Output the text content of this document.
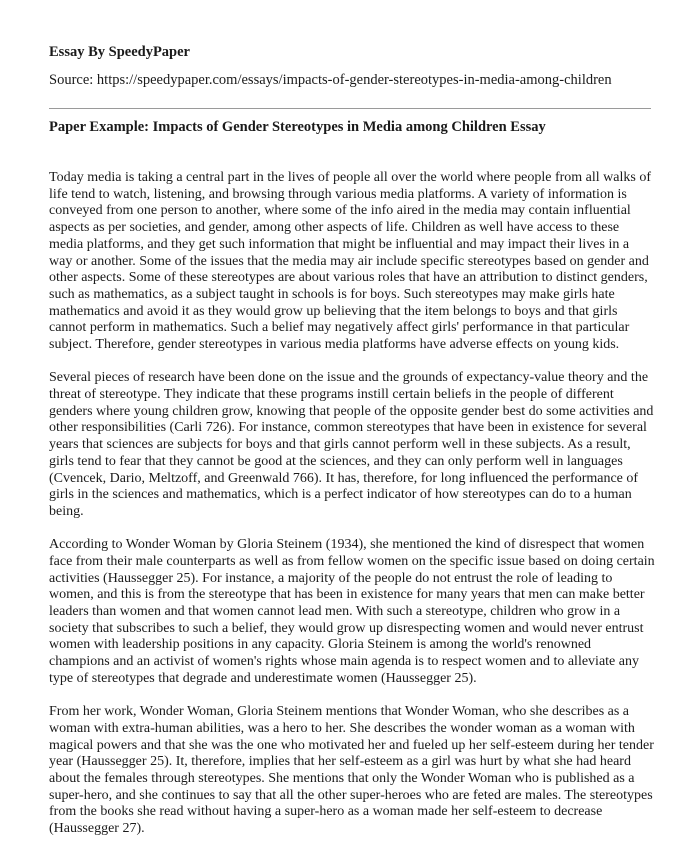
Essay By SpeedyPaper

Source: https://speedypaper.com/essays/impacts-of-gender-stereotypes-in-media-among-children

Paper Example: Impacts of Gender Stereotypes in Media among Children Essay

Today media is taking a central part in the lives of people all over the world where people from all walks of life tend to watch, listening, and browsing through various media platforms. A variety of information is conveyed from one person to another, where some of the info aired in the media may contain influential aspects as per societies, and gender, among other aspects of life. Children as well have access to these media platforms, and they get such information that might be influential and may impact their lives in a way or another. Some of the issues that the media may air include specific stereotypes based on gender and other aspects. Some of these stereotypes are about various roles that have an attribution to distinct genders, such as mathematics, as a subject taught in schools is for boys. Such stereotypes may make girls hate mathematics and avoid it as they would grow up believing that the item belongs to boys and that girls cannot perform in mathematics. Such a belief may negatively affect girls' performance in that particular subject. Therefore, gender stereotypes in various media platforms have adverse effects on young kids.

Several pieces of research have been done on the issue and the grounds of expectancy-value theory and the threat of stereotype. They indicate that these programs instill certain beliefs in the people of different genders where young children grow, knowing that people of the opposite gender best do some activities and other responsibilities (Carli 726). For instance, common stereotypes that have been in existence for several years that sciences are subjects for boys and that girls cannot perform well in these subjects. As a result, girls tend to fear that they cannot be good at the sciences, and they can only perform well in languages (Cvencek, Dario, Meltzoff, and Greenwald 766). It has, therefore, for long influenced the performance of girls in the sciences and mathematics, which is a perfect indicator of how stereotypes can do to a human being.

According to Wonder Woman by Gloria Steinem (1934), she mentioned the kind of disrespect that women face from their male counterparts as well as from fellow women on the specific issue based on doing certain activities (Haussegger 25). For instance, a majority of the people do not entrust the role of leading to women, and this is from the stereotype that has been in existence for many years that men can make better leaders than women and that women cannot lead men. With such a stereotype, children who grow in a society that subscribes to such a belief, they would grow up disrespecting women and would never entrust women with leadership positions in any capacity. Gloria Steinem is among the world's renowned champions and an activist of women's rights whose main agenda is to respect women and to alleviate any type of stereotypes that degrade and underestimate women (Haussegger 25).

From her work, Wonder Woman, Gloria Steinem mentions that Wonder Woman, who she describes as a woman with extra-human abilities, was a hero to her. She describes the wonder woman as a woman with magical powers and that she was the one who motivated her and fueled up her self-esteem during her tender year (Haussegger 25). It, therefore, implies that her self-esteem as a girl was hurt by what she had heard about the females through stereotypes. She mentions that only the Wonder Woman who is published as a super-hero, and she continues to say that all the other super-heroes who are feted are males. The stereotypes from the books she read without having a super-hero as a woman made her self-esteem to decrease (Haussegger 27).
